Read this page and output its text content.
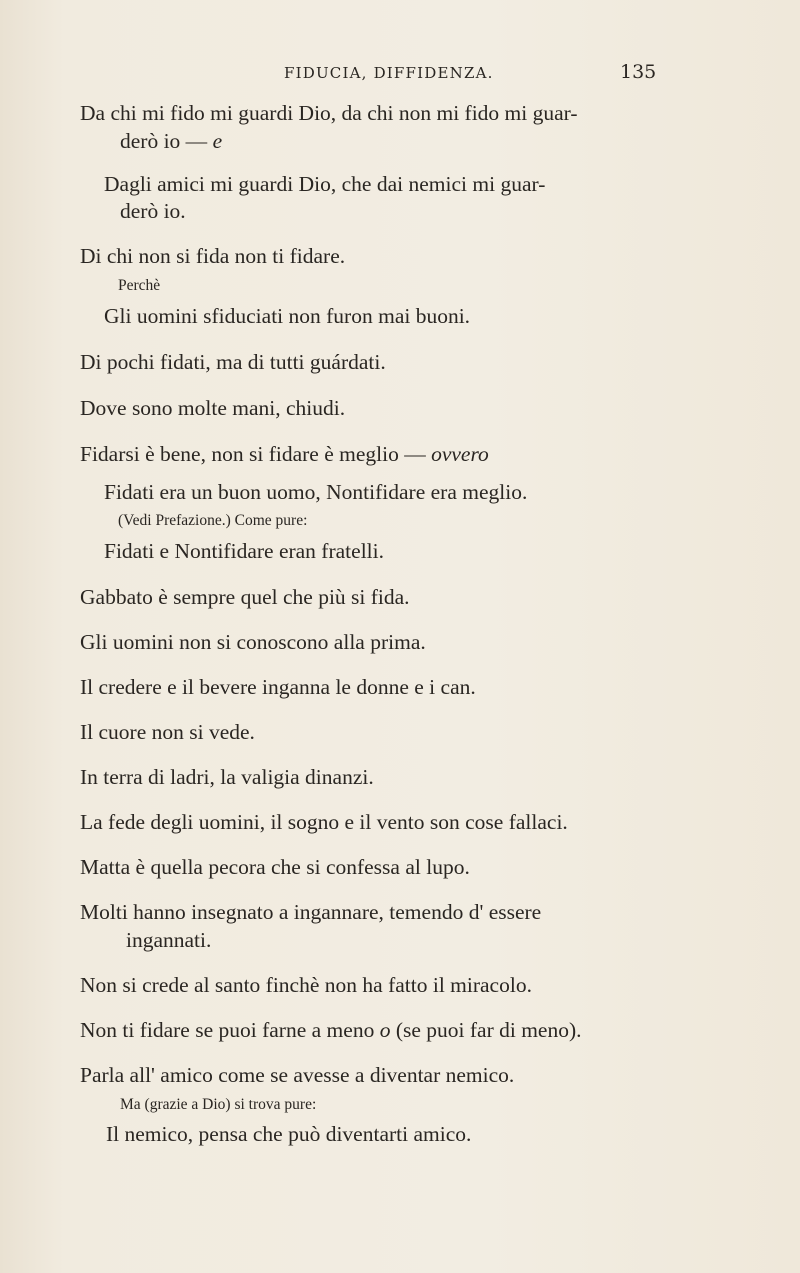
FIDUCIA, DIFFIDENZA.	135
Da chi mi fido mi guardi Dio, da chi non mi fido mi guar-
derò io — e
Dagli amici mi guardi Dio, che dai nemici mi guar-
derò io.
Di chi non si fida non ti fidare.
Perchè
Gli uomini sfiduciati non furon mai buoni.
Di pochi fidati, ma di tutti guárdati.
Dove sono molte mani, chiudi.
Fidarsi è bene, non si fidare è meglio — ovvero
Fidati era un buon uomo, Nontifidare era meglio.
(Vedi Prefazione.) Come pure:
Fidati e Nontifidare eran fratelli.
Gabbato è sempre quel che più si fida.
Gli uomini non si conoscono alla prima.
Il credere e il bevere inganna le donne e i can.
Il cuore non si vede.
In terra di ladri, la valigia dinanzi.
La fede degli uomini, il sogno e il vento son cose fallaci.
Matta è quella pecora che si confessa al lupo.
Molti hanno insegnato a ingannare, temendo d' essere
ingannati.
Non si crede al santo finchè non ha fatto il miracolo.
Non ti fidare se puoi farne a meno o (se puoi far di meno).
Parla all' amico come se avesse a diventar nemico.
Ma (grazie a Dio) si trova pure:
Il nemico, pensa che può diventarti amico.
